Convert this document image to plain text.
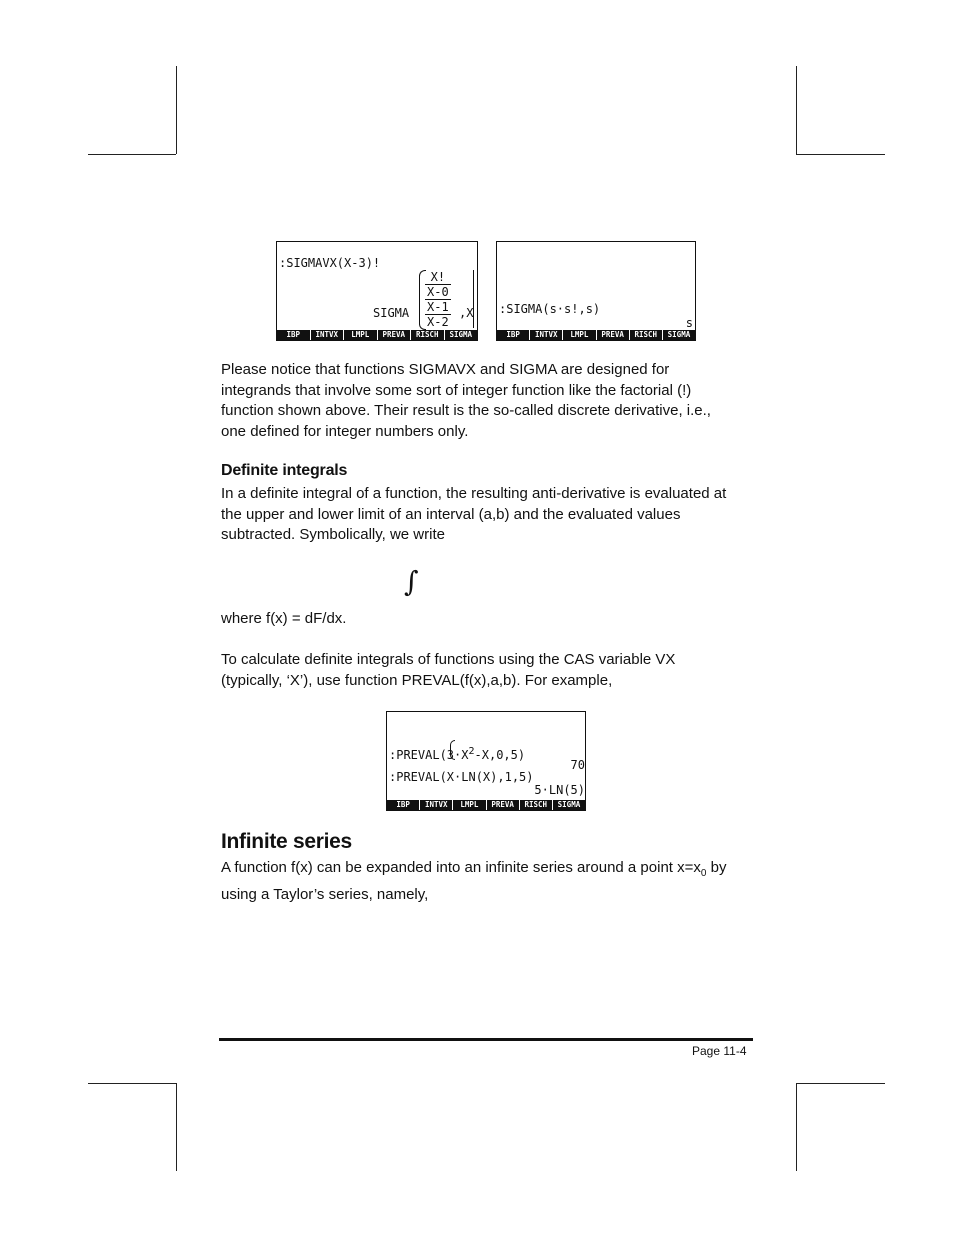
:SIGMAVX(X-3)!
SIGMA
X!
X-0
X-1
X-2
,X
IBP	INTVX	LMPL	PREVA	RISCH	SIGMA
:SIGMA(s·s!,s)
s
IBP	INTVX	LMPL	PREVA	RISCH	SIGMA
Please notice that functions SIGMAVX and SIGMA are designed for
integrands that involve some sort of integer function like the factorial (!)
function shown above. Their result is the so-called discrete derivative, i.e.,
one defined for integer numbers only.
Definite integrals
In a definite integral of a function, the resulting anti-derivative is evaluated at
the upper and lower limit of an interval (a,b) and the evaluated values
subtracted. Symbolically, we write
∫
where f(x) = dF/dx.
To calculate definite integrals of functions using the CAS variable VX
(typically, ‘X’), use function PREVAL(f(x),a,b). For example,
$:PREVAL(3\cdot X^2-X,0,5)$
70
:PREVAL(X·LN(X),1,5)
5·LN(5)
IBP	INTVX	LMPL	PREVA	RISCH	SIGMA
Infinite series
A function f(x) can be expanded into an infinite series around a point $x=x_0$ by
using a Taylor’s series, namely,
Page 11-4
